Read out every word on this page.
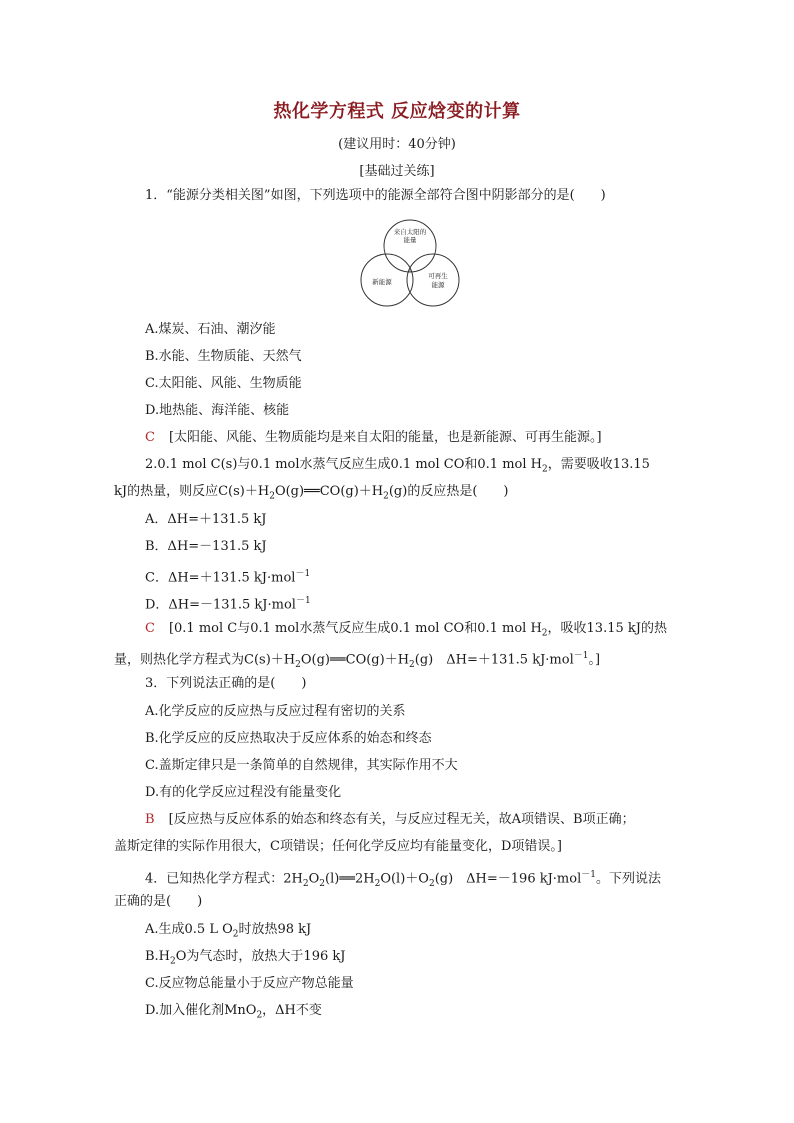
热化学方程式 反应焓变的计算
(建议用时：40分钟)
[基础过关练]
1．“能源分类相关图”如图，下列选项中的能源全部符合图中阴影部分的是(　　)
来自太阳的
能量
新能源
可再生
能源
A.煤炭、石油、潮汐能
B.水能、生物质能、天然气
C.太阳能、风能、生物质能
D.地热能、海洋能、核能
C [太阳能、风能、生物质能均是来自太阳的能量，也是新能源、可再生能源。]
2.0.1 mol C(s)与0.1 mol水蒸气反应生成0.1 mol CO和0.1 mol $H_2$，需要吸收13.15
kJ的热量，则反应$C(s)+H_2O(g)══CO(g)+H_2(g)$的反应热是(　　)
A．ΔH=＋131.5 kJ
B．ΔH=－131.5 kJ
C．ΔH=＋131.5 kJ·mol$^{-1}$
D．ΔH=－131.5 kJ·mol$^{-1}$
C [0.1 mol C与0.1 mol水蒸气反应生成0.1 mol CO和0.1 mol $H_2$，吸收13.15 kJ的热
量，则热化学方程式为$C(s)+H_2O(g)══CO(g)+H_2(g)$　ΔH=＋131.5 kJ·mol$^{-1}$。]
3．下列说法正确的是(　　)
A.化学反应的反应热与反应过程有密切的关系
B.化学反应的反应热取决于反应体系的始态和终态
C.盖斯定律只是一条简单的自然规律，其实际作用不大
D.有的化学反应过程没有能量变化
B [反应热与反应体系的始态和终态有关，与反应过程无关，故A项错误、B项正确；
盖斯定律的实际作用很大，C项错误；任何化学反应均有能量变化，D项错误。]
4．已知热化学方程式：$2H_2O_2(l)══2H_2O(l)+O_2(g)$　ΔH=－196 kJ·mol$^{-1}$。下列说法
正确的是(　　)
A.生成0.5 L $O_2$时放热98 kJ
$B.H_2O$为气态时，放热大于196 kJ
C.反应物总能量小于反应产物总能量
D.加入催化剂MnO$_2$，ΔH不变
